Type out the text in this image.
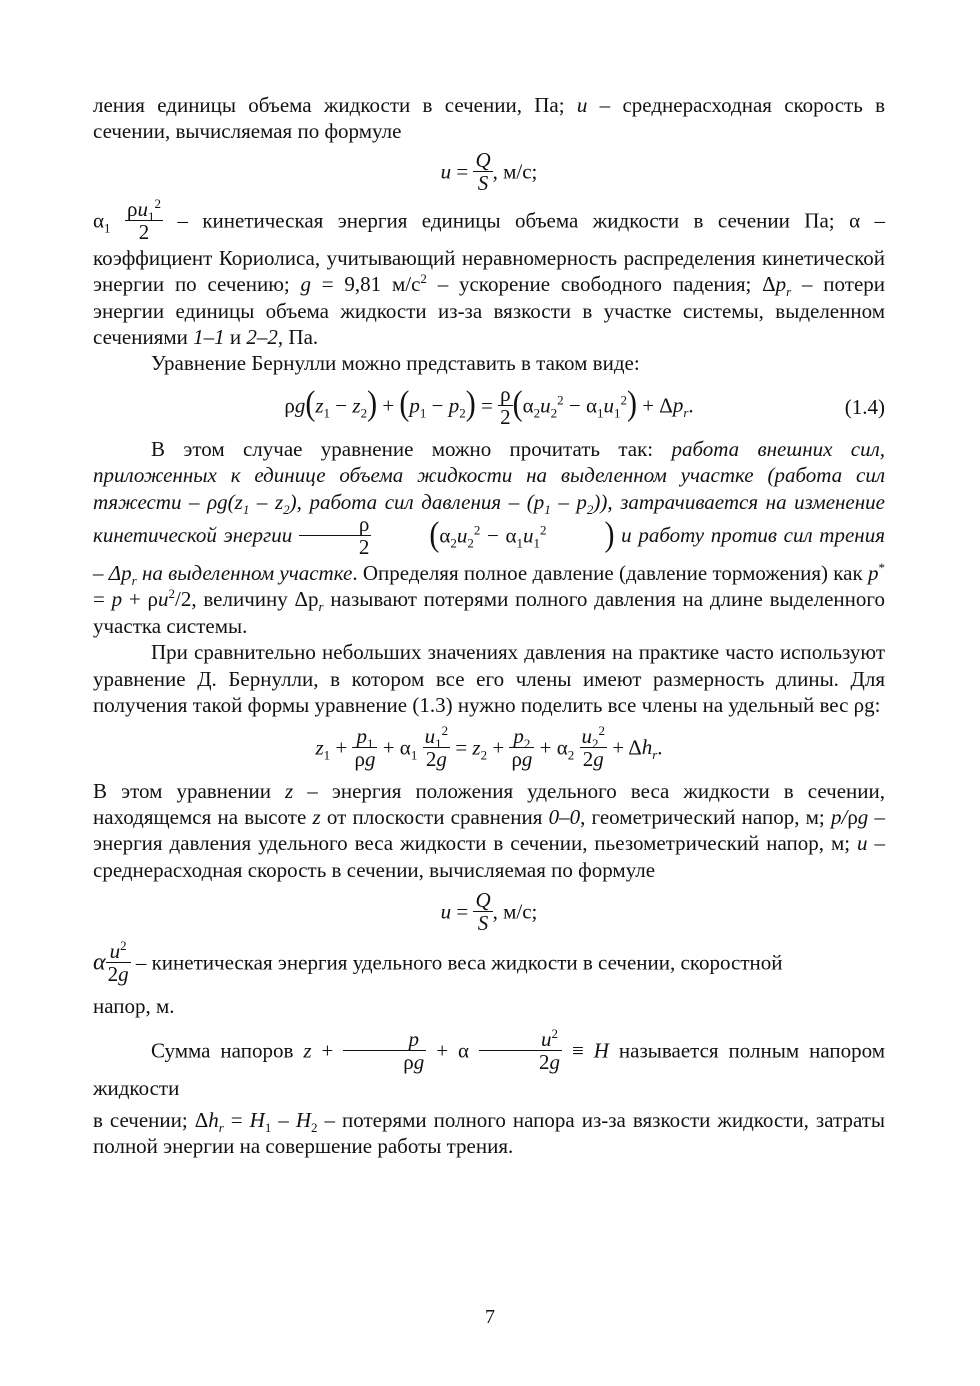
ления единицы объема жидкости в сечении, Па; u – среднерасходная скорость в сечении, вычисляемая по формуле

$u = \frac{Q}{S}$ , м/с;

$\alpha_1 \frac{\rho u_1^2}{2}$ – кинетическая энергия единицы объема жидкости в сечении Па; α – коэффициент Кориолиса, учитывающий неравномерность распределения кинетической энергии по сечению; g = 9,81 $м/с^2$ – ускорение свободного падения; $\Delta p_r$ – потери энергии единицы объема жидкости из-за вязкости в участке системы, выделенном сечениями 1–1 и 2–2, Па.

Уравнение Бернулли можно представить в таком виде:

$\rho g(z_1 - z_2) + (p_1 - p_2) = \frac{\rho}{2} (\alpha_2u_2^2 - \alpha_1u_1^2) + \Delta p_r$.	(1.4)

В этом случае уравнение можно прочитать так: работа внешних сил, приложенных к единице объема жидкости на выделенном участке (работа сил тяжести – $\rho g(z_1 - z_2)$, работа сил давления – $(p_1 - p_2)$), затрачивается на изменение кинетической энергии $\frac{\rho}{2} (\alpha_2u_2^2 - \alpha_1u_1^2$ ) и работу против сил трения – $\Delta p_r$ на выделенном участке. Определяя полное давление (давление торможения) как $p^* = p + \rho u^2/2$, величину $\Delta p_r$ называют потерями полного давления на длине выделенного участка системы.

При сравнительно небольших значениях давления на практике часто используют уравнение Д. Бернулли, в котором все его члены имеют размерность длины. Для получения такой формы уравнение (1.3) нужно поделить все члены на удельный вес ρg:

$z_1 + \frac{p_1}{\rho g} + \alpha_1 \frac{u_1^2}{2g} = z_2 + \frac{p_2}{\rho g} + \alpha_2 \frac{u_2^2}{2g} + \Delta h_r$.

В этом уравнении z – энергия положения удельного веса жидкости в сечении, находящемся на высоте z от плоскости сравнения 0–0, геометрический напор, м; p/ρg – энергия давления удельного веса жидкости в сечении, пьезометрический напор, м; u – среднерасходная скорость в сечении, вычисляемая по формуле

$u = \frac{Q}{S}$ , м/с;

α $\frac{u^2}{2g}$ – кинетическая энергия удельного веса жидкости в сечении, скоростной

напор, м.

Сумма напоров $z + \frac{p}{\rho g} + \alpha \frac{u^2}{2g} \equiv H$ называется полным напором жидкости

в сечении; $\Delta h_r = H_1 - H_2$ – потерями полного напора из-за вязкости жидкости, затраты полной энергии на совершение работы трения.

7
